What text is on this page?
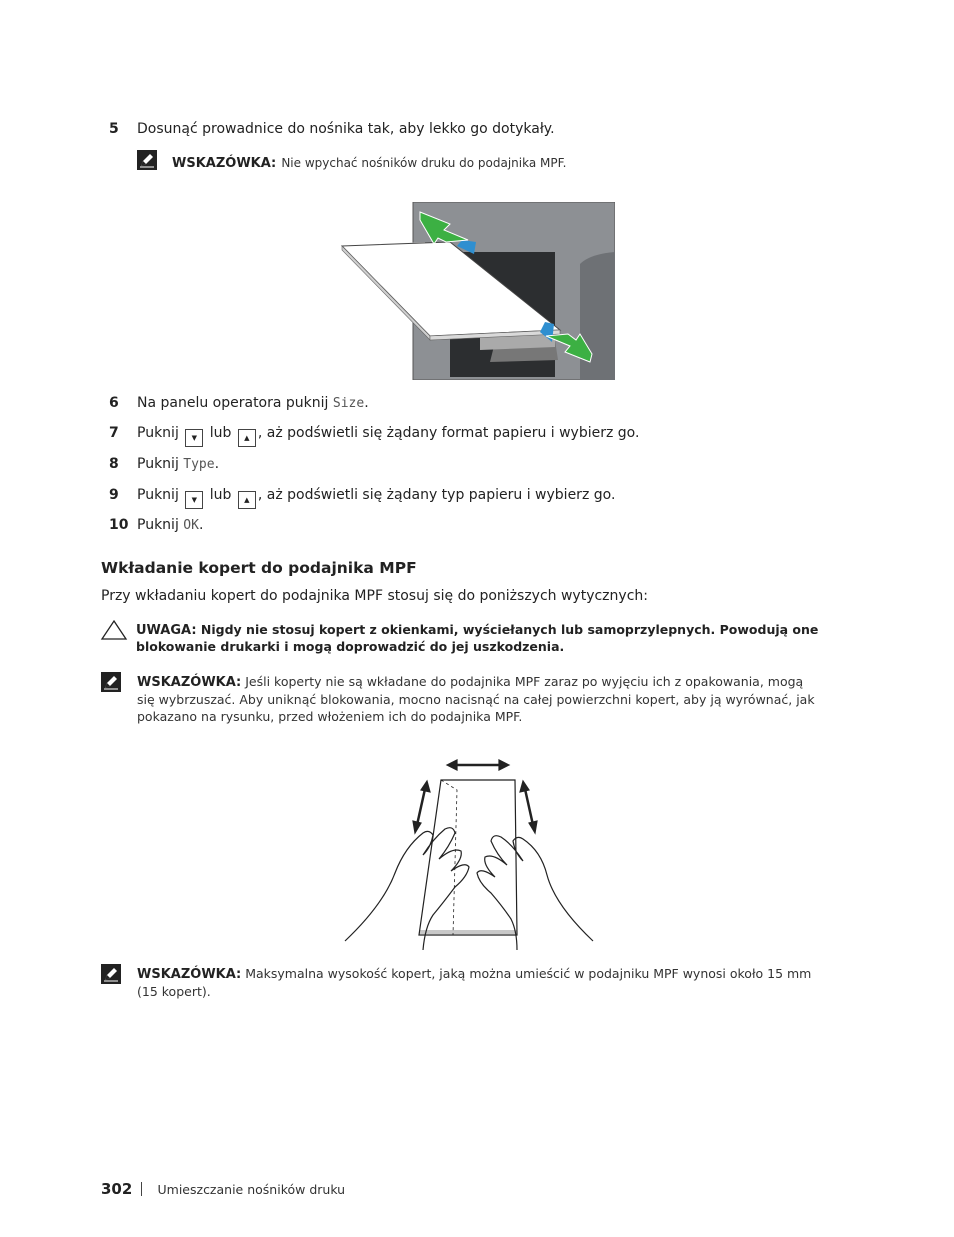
5 Dosunąć prowadnice do nośnika tak, aby lekko go dotykały.
WSKAZÓWKA: Nie wpychać nośników druku do podajnika MPF.
6 Na panelu operatora puknij Size.
7 Puknij ▼ lub ▲ , aż podświetli się żądany format papieru i wybierz go.
8 Puknij Type.
9 Puknij ▼ lub ▲ , aż podświetli się żądany typ papieru i wybierz go.
10 Puknij OK.
Wkładanie kopert do podajnika MPF
Przy wkładaniu kopert do podajnika MPF stosuj się do poniższych wytycznych:
UWAGA: Nigdy nie stosuj kopert z okienkami, wyściełanych lub samoprzylepnych. Powodują one
blokowanie drukarki i mogą doprowadzić do jej uszkodzenia.
WSKAZÓWKA: Jeśli koperty nie są wkładane do podajnika MPF zaraz po wyjęciu ich z opakowania, mogą
się wybrzuszać. Aby uniknąć blokowania, mocno nacisnąć na całej powierzchni kopert, aby ją wyrównać, jak
pokazano na rysunku, przed włożeniem ich do podajnika MPF.
WSKAZÓWKA: Maksymalna wysokość kopert, jaką można umieścić w podajniku MPF wynosi około 15 mm
(15 kopert).
302 Umieszczanie nośników druku
